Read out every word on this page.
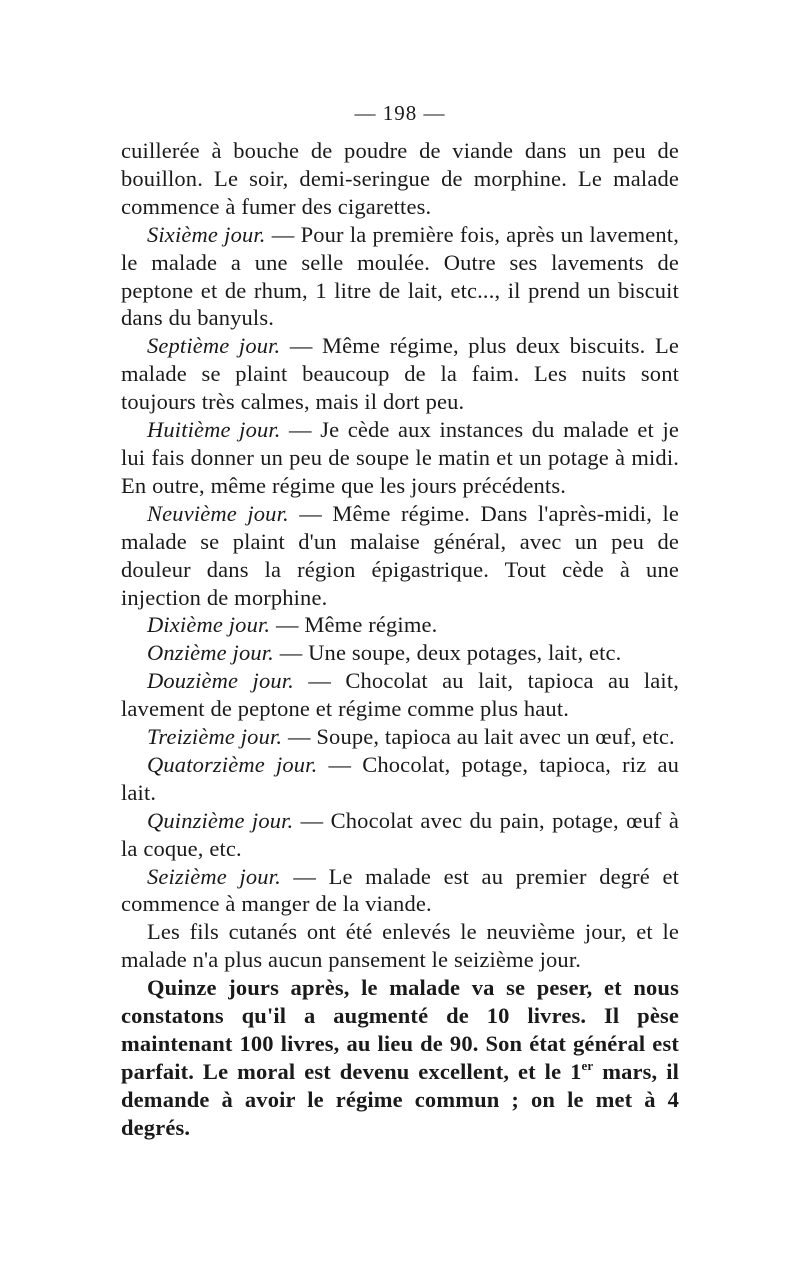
— 198 —

cuillerée à bouche de poudre de viande dans un peu de bouillon. Le soir, demi-seringue de morphine. Le malade commence à fumer des cigarettes.

Sixième jour. — Pour la première fois, après un lavement, le malade a une selle moulée. Outre ses lavements de peptone et de rhum, 1 litre de lait, etc..., il prend un biscuit dans du banyuls.

Septième jour. — Même régime, plus deux biscuits. Le malade se plaint beaucoup de la faim. Les nuits sont toujours très calmes, mais il dort peu.

Huitième jour. — Je cède aux instances du malade et je lui fais donner un peu de soupe le matin et un potage à midi. En outre, même régime que les jours précédents.

Neuvième jour. — Même régime. Dans l'après-midi, le malade se plaint d'un malaise général, avec un peu de douleur dans la région épigastrique. Tout cède à une injection de morphine.

Dixième jour. — Même régime.

Onzième jour. — Une soupe, deux potages, lait, etc.

Douzième jour. — Chocolat au lait, tapioca au lait, lavement de peptone et régime comme plus haut.

Treizième jour. — Soupe, tapioca au lait avec un œuf, etc.

Quatorzième jour. — Chocolat, potage, tapioca, riz au lait.

Quinzième jour. — Chocolat avec du pain, potage, œuf à la coque, etc.

Seizième jour. — Le malade est au premier degré et commence à manger de la viande.

Les fils cutanés ont été enlevés le neuvième jour, et le malade n'a plus aucun pansement le seizième jour.

Quinze jours après, le malade va se peser, et nous constatons qu'il a augmenté de 10 livres. Il pèse maintenant 100 livres, au lieu de 90. Son état général est parfait. Le moral est devenu excellent, et le 1er mars, il demande à avoir le régime commun ; on le met à 4 degrés.
